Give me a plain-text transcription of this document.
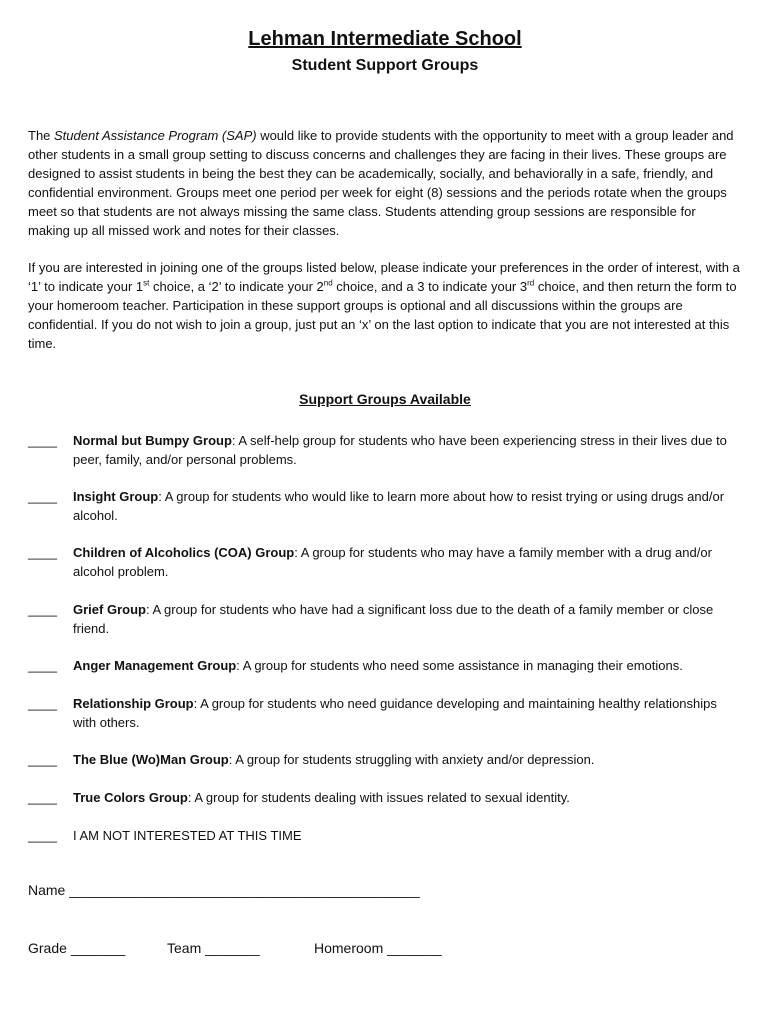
Lehman Intermediate School
Student Support Groups

The Student Assistance Program (SAP) would like to provide students with the opportunity to meet with a group leader and other students in a small group setting to discuss concerns and challenges they are facing in their lives. These groups are designed to assist students in being the best they can be academically, socially, and behaviorally in a safe, friendly, and confidential environment. Groups meet one period per week for eight (8) sessions and the periods rotate when the groups meet so that students are not always missing the same class. Students attending group sessions are responsible for making up all missed work and notes for their classes.

If you are interested in joining one of the groups listed below, please indicate your preferences in the order of interest, with a ‘1’ to indicate your 1st choice, a ‘2’ to indicate your 2nd choice, and a 3 to indicate your 3rd choice, and then return the form to your homeroom teacher. Participation in these support groups is optional and all discussions within the groups are confidential. If you do not wish to join a group, just put an ‘x’ on the last option to indicate that you are not interested at this time.

Support Groups Available
____ Normal but Bumpy Group: A self-help group for students who have been experiencing stress in their lives due to peer, family, and/or personal problems.
____ Insight Group: A group for students who would like to learn more about how to resist trying or using drugs and/or alcohol.
____ Children of Alcoholics (COA) Group: A group for students who may have a family member with a drug and/or alcohol problem.
____ Grief Group: A group for students who have had a significant loss due to the death of a family member or close friend.
____ Anger Management Group: A group for students who need some assistance in managing their emotions.
____ Relationship Group: A group for students who need guidance developing and maintaining healthy relationships with others.
____ The Blue (Wo)Man Group: A group for students struggling with anxiety and/or depression.
____ True Colors Group: A group for students dealing with issues related to sexual identity.
____ I AM NOT INTERESTED AT THIS TIME
Name _____________________________________________
Grade _______	Team _______	Homeroom _______
